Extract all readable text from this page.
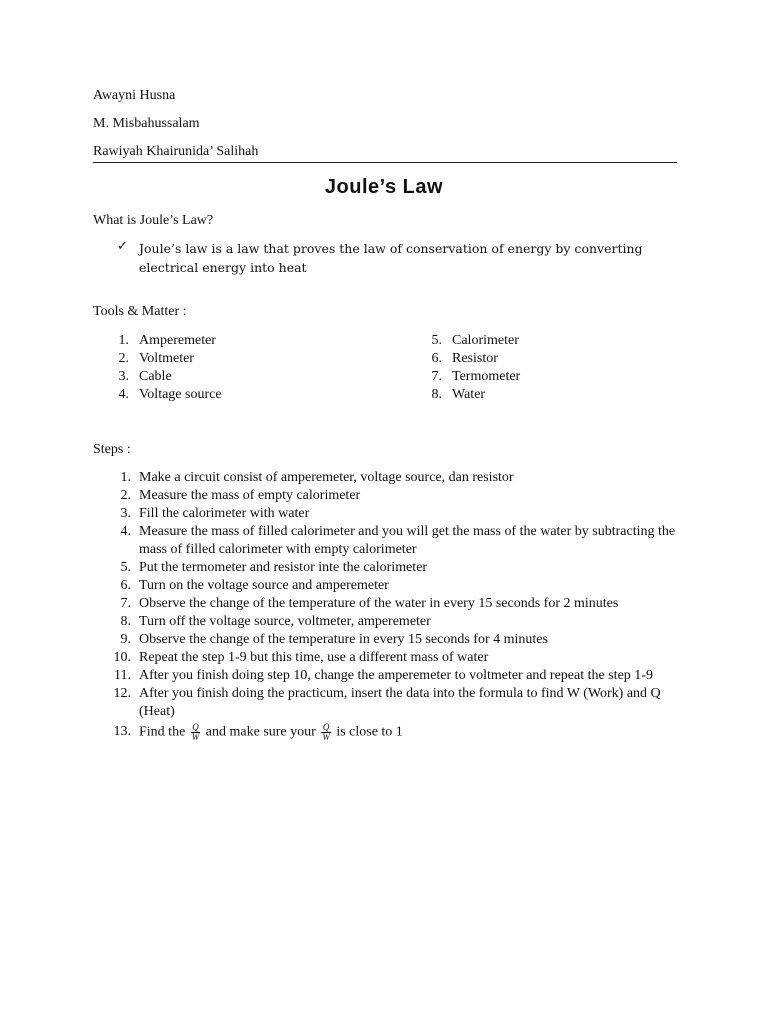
Awayni Husna
M. Misbahussalam
Rawiyah Khairunida’ Salihah
Joule’s Law
What is Joule’s Law?
✓ Joule’s law is a law that proves the law of conservation of energy by converting electrical energy into heat
Tools & Matter :
1. Amperemeter
2. Voltmeter
3. Cable
4. Voltage source
5. Calorimeter
6. Resistor
7. Termometer
8. Water
Steps :
1. Make a circuit consist of amperemeter, voltage source, dan resistor
2. Measure the mass of empty calorimeter
3. Fill the calorimeter with water
4. Measure the mass of filled calorimeter and you will get the mass of the water by subtracting the mass of filled calorimeter with empty calorimeter
5. Put the termometer and resistor inte the calorimeter
6. Turn on the voltage source and amperemeter
7. Observe the change of the temperature of the water in every 15 seconds for 2 minutes
8. Turn off the voltage source, voltmeter, amperemeter
9. Observe the change of the temperature in every 15 seconds for 4 minutes
10. Repeat the step 1-9 but this time, use a different mass of water
11. After you finish doing step 10, change the amperemeter to voltmeter and repeat the step 1-9
12. After you finish doing the practicum, insert the data into the formula to find W (Work) and Q (Heat)
13. Find the $\frac{Q}{W}$ and make sure your $\frac{Q}{W}$ is close to 1
